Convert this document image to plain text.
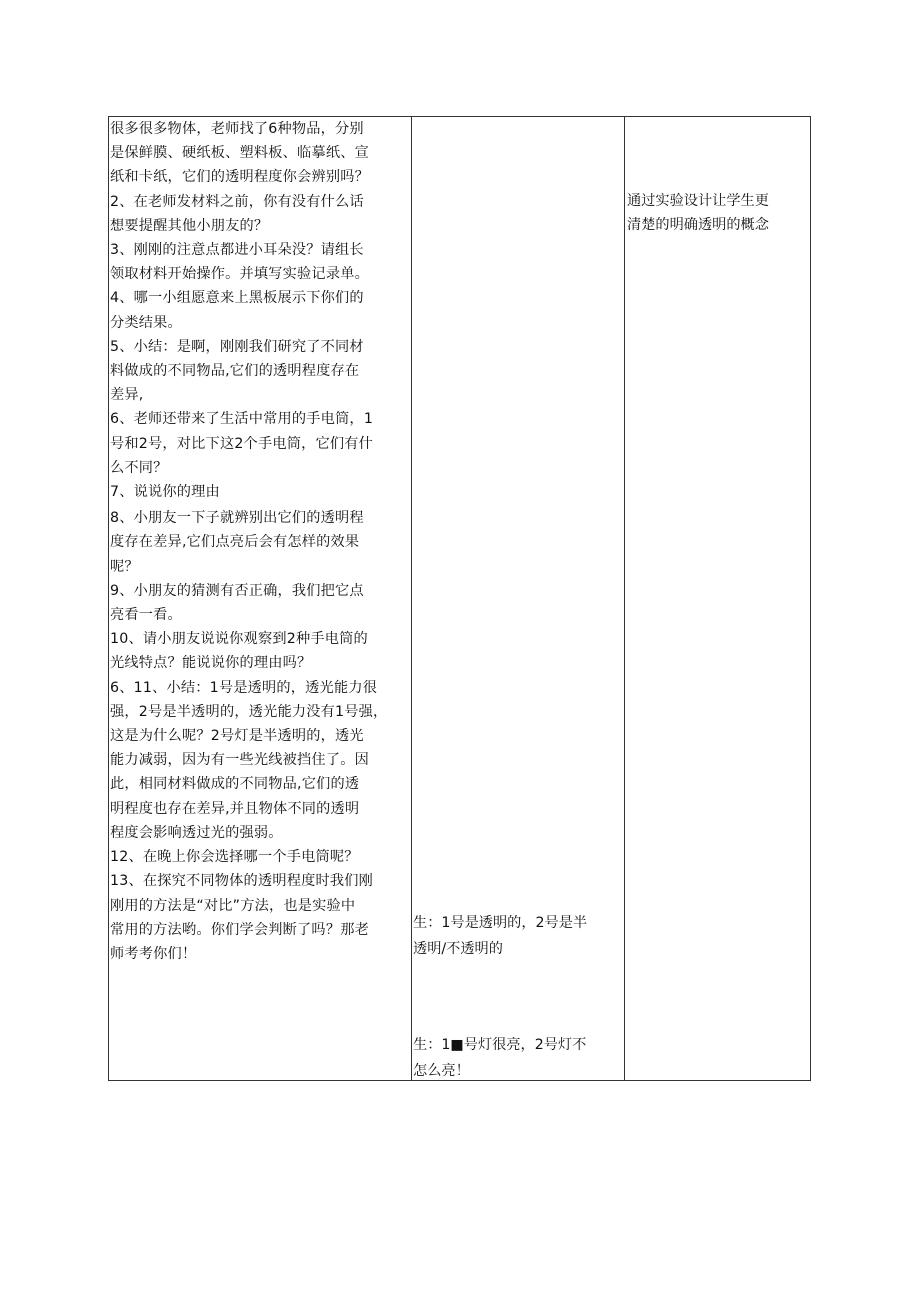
很多很多物体，老师找了6种物品，分别
是保鲜膜、硬纸板、塑料板、临摹纸、宣
纸和卡纸，它们的透明程度你会辨别吗？
2、在老师发材料之前，你有没有什么话
想要提醒其他小朋友的？
3、刚刚的注意点都进小耳朵没？请组长
领取材料开始操作。并填写实验记录单。
4、哪一小组愿意来上黑板展示下你们的
分类结果。
5、小结：是啊，刚刚我们研究了不同材
料做成的不同物品,它们的透明程度存在
差异,
6、老师还带来了生活中常用的手电筒，1
号和2号，对比下这2个手电筒，它们有什
么不同？
7、说说你的理由
8、小朋友一下子就辨别出它们的透明程
度存在差异,它们点亮后会有怎样的效果
呢？
9、小朋友的猜测有否正确，我们把它点
亮看一看。
10、请小朋友说说你观察到2种手电筒的
光线特点？能说说你的理由吗？
6、11、小结：1号是透明的，透光能力很
强，2号是半透明的，透光能力没有1号强，
这是为什么呢？2号灯是半透明的，透光
能力减弱，因为有一些光线被挡住了。因
此，相同材料做成的不同物品,它们的透
明程度也存在差异,并且物体不同的透明
程度会影响透过光的强弱。
12、在晚上你会选择哪一个手电筒呢？
13、在探究不同物体的透明程度时我们刚
刚用的方法是“对比”方法，也是实验中
常用的方法哟。你们学会判断了吗？那老
师考考你们！
生：1号是透明的，2号是半
透明/不透明的
生：1■号灯很亮，2号灯不
怎么亮！
通过实验设计让学生更
清楚的明确透明的概念
